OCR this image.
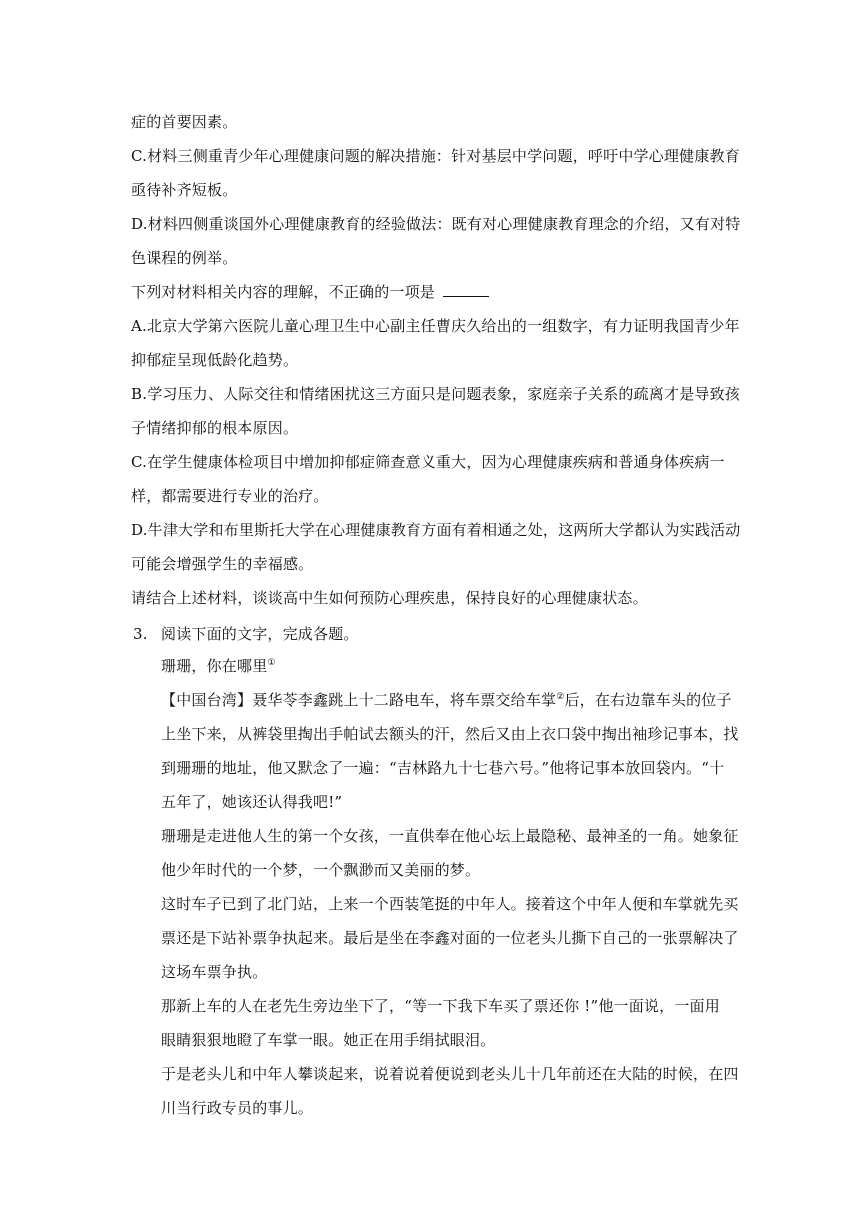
症的首要因素。
C.材料三侧重青少年心理健康问题的解决措施：针对基层中学问题，呼吁中学心理健康教育
亟待补齐短板。
D.材料四侧重谈国外心理健康教育的经验做法：既有对心理健康教育理念的介绍，又有对特
色课程的例举。
下列对材料相关内容的理解，不正确的一项是
A.北京大学第六医院儿童心理卫生中心副主任曹庆久给出的一组数字，有力证明我国青少年
抑郁症呈现低龄化趋势。
B.学习压力、人际交往和情绪困扰这三方面只是问题表象，家庭亲子关系的疏离才是导致孩
子情绪抑郁的根本原因。
C.在学生健康体检项目中增加抑郁症筛查意义重大，因为心理健康疾病和普通身体疾病一
样，都需要进行专业的治疗。
D.牛津大学和布里斯托大学在心理健康教育方面有着相通之处，这两所大学都认为实践活动
可能会增强学生的幸福感。
请结合上述材料，谈谈高中生如何预防心理疾患，保持良好的心理健康状态。
3. 阅读下面的文字，完成各题。
珊珊，你在哪里①
【中国台湾】聂华苓李鑫跳上十二路电车，将车票交给车掌②后，在右边靠车头的位子
上坐下来，从裤袋里掏出手帕试去额头的汗，然后又由上衣口袋中掏出袖珍记事本，找
到珊珊的地址，他又默念了一遍：“吉林路九十七巷六号。”他将记事本放回袋内。“十
五年了，她该还认得我吧!”
珊珊是走进他人生的第一个女孩，一直供奉在他心坛上最隐秘、最神圣的一角。她象征
他少年时代的一个梦，一个飘渺而又美丽的梦。
这时车子已到了北门站，上来一个西装笔挺的中年人。接着这个中年人便和车掌就先买
票还是下站补票争执起来。最后是坐在李鑫对面的一位老头儿撕下自己的一张票解决了
这场车票争执。
那新上车的人在老先生旁边坐下了，“等一下我下车买了票还你 !”他一面说，一面用
眼睛狠狠地瞪了车掌一眼。她正在用手绢拭眼泪。
于是老头儿和中年人攀谈起来，说着说着便说到老头儿十几年前还在大陆的时候，在四
川当行政专员的事儿。
